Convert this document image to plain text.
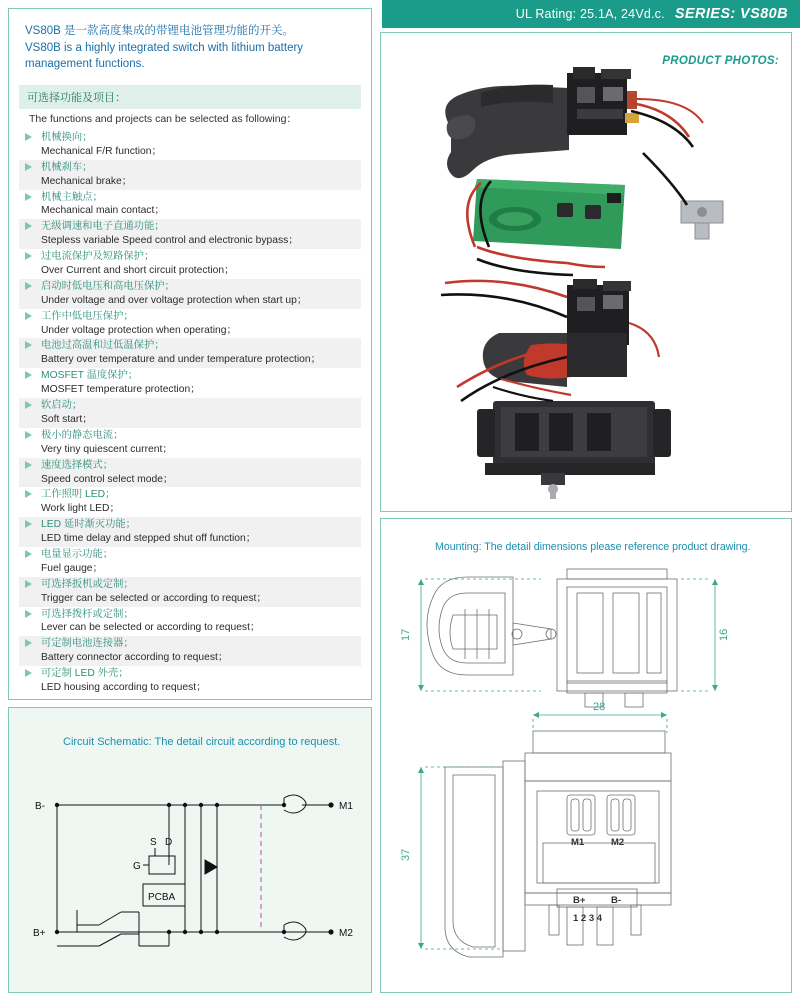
UL Rating: 25.1A, 24Vd.c. SERIES: VS80B
VS80B 是一款高度集成的带锂电池管理功能的开关。
VS80B is a highly integrated switch with lithium battery management functions.
可选择功能及项目：
The functions and projects can be selected as following：
机械换向；
Mechanical F/R function；
机械刹车；
Mechanical brake；
机械主触点；
Mechanical main contact；
无级调速和电子直通功能；
Stepless variable Speed control and electronic bypass；
过电流保护及短路保护；
Over Current and short circuit protection；
启动时低电压和高电压保护；
Under voltage and over voltage protection when start up；
工作中低电压保护；
Under voltage protection when operating；
电池过高温和过低温保护；
Battery over temperature and under temperature protection；
MOSFET 温度保护；
MOSFET temperature protection；
软启动；
Soft start；
极小的静态电流；
Very tiny quiescent current；
速度选择模式；
Speed control select mode；
工作照明 LED；
Work light LED；
LED 延时渐灭功能；
LED time delay and stepped shut off function；
电量显示功能；
Fuel gauge；
可选择扳机或定制；
Trigger can be selected or according to request；
可选择拨杆或定制；
Lever can be selected or according to request；
可定制电池连接器；
Battery connector according to request；
可定制 LED 外壳；
LED housing according to request；
Circuit Schematic: The detail circuit according to request.
B-
B+
M1
M2
PCBA
S D
G
PRODUCT PHOTOS:
Mounting: The detail dimensions please reference product drawing.
17	16
37
28
M1	M2
B+	B-
1 2 3 4
